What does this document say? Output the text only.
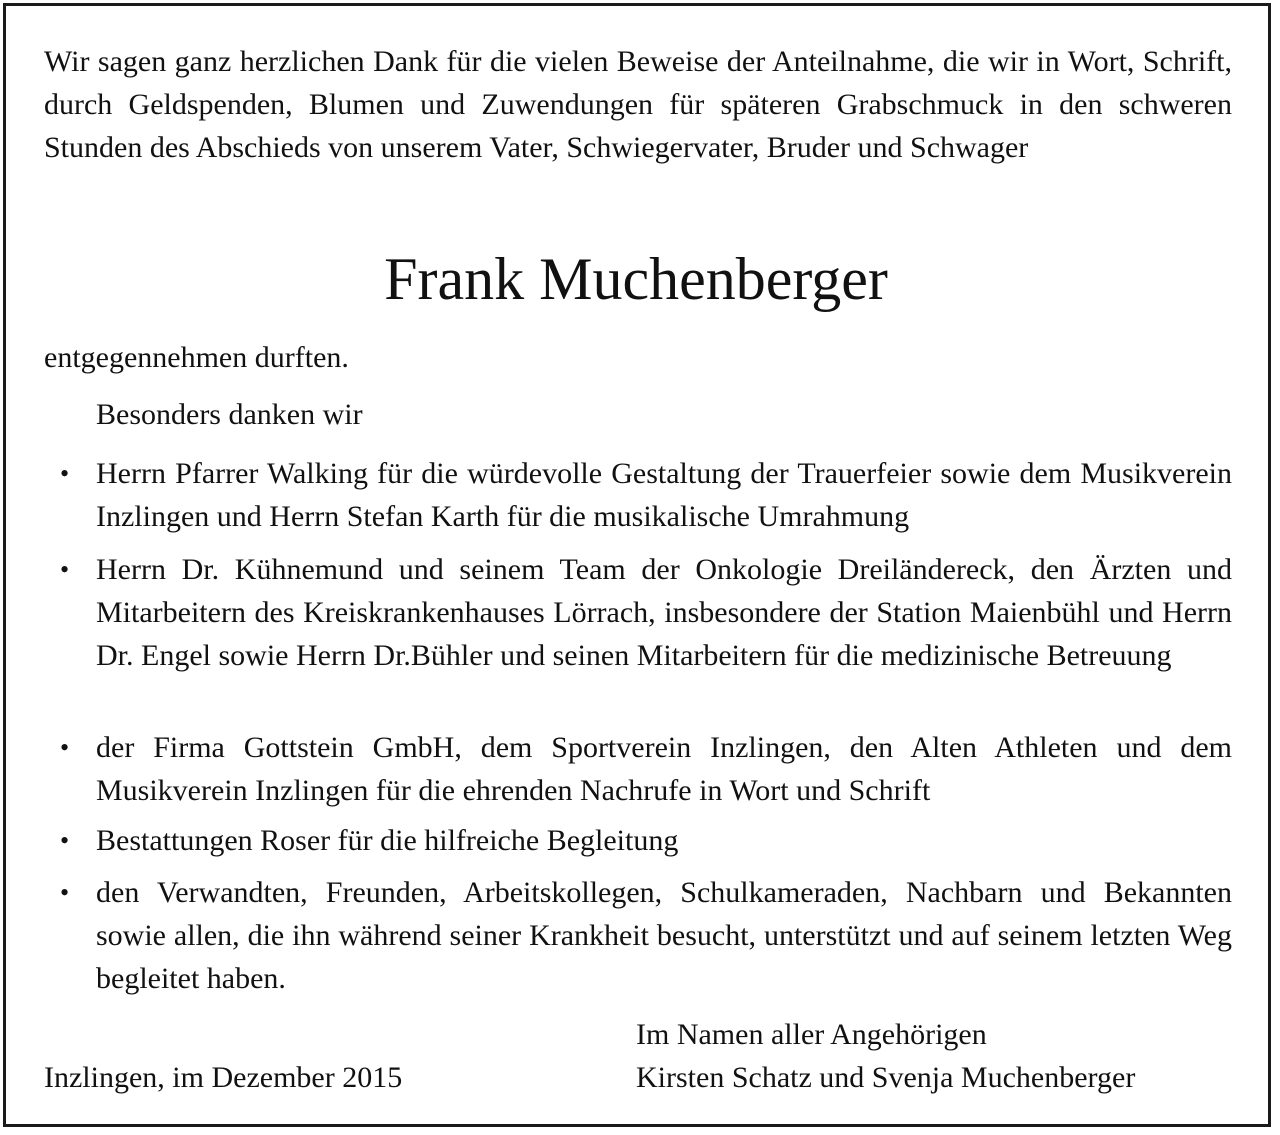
Wir sagen ganz herzlichen Dank für die vielen Beweise der Anteilnahme, die wir in Wort, Schrift, durch Geldspenden, Blumen und Zuwendungen für späteren Grabschmuck in den schweren Stunden des Abschieds von unserem Vater, Schwiegervater, Bruder und Schwager

Frank Muchenberger

entgegennehmen durften.

Besonders danken wir

• Herrn Pfarrer Walking für die würdevolle Gestaltung der Trauerfeier sowie dem Musikverein Inzlingen und Herrn Stefan Karth für die musikalische Umrahmung
• Herrn Dr. Kühnemund und seinem Team der Onkologie Dreiländereck, den Ärzten und Mitarbeitern des Kreiskrankenhauses Lörrach, insbesondere der Station Maienbühl und Herrn Dr. Engel sowie Herrn Dr.Bühler und seinen Mitarbeitern für die medizinische Betreuung
• der Firma Gottstein GmbH, dem Sportverein Inzlingen, den Alten Athleten und dem Musikverein Inzlingen für die ehrenden Nachrufe in Wort und Schrift
• Bestattungen Roser für die hilfreiche Begleitung
• den Verwandten, Freunden, Arbeitskollegen, Schulkameraden, Nachbarn und Bekannten sowie allen, die ihn während seiner Krankheit besucht, unterstützt und auf seinem letzten Weg begleitet haben.

Im Namen aller Angehörigen

Kirsten Schatz und Svenja Muchenberger

Inzlingen, im Dezember 2015
